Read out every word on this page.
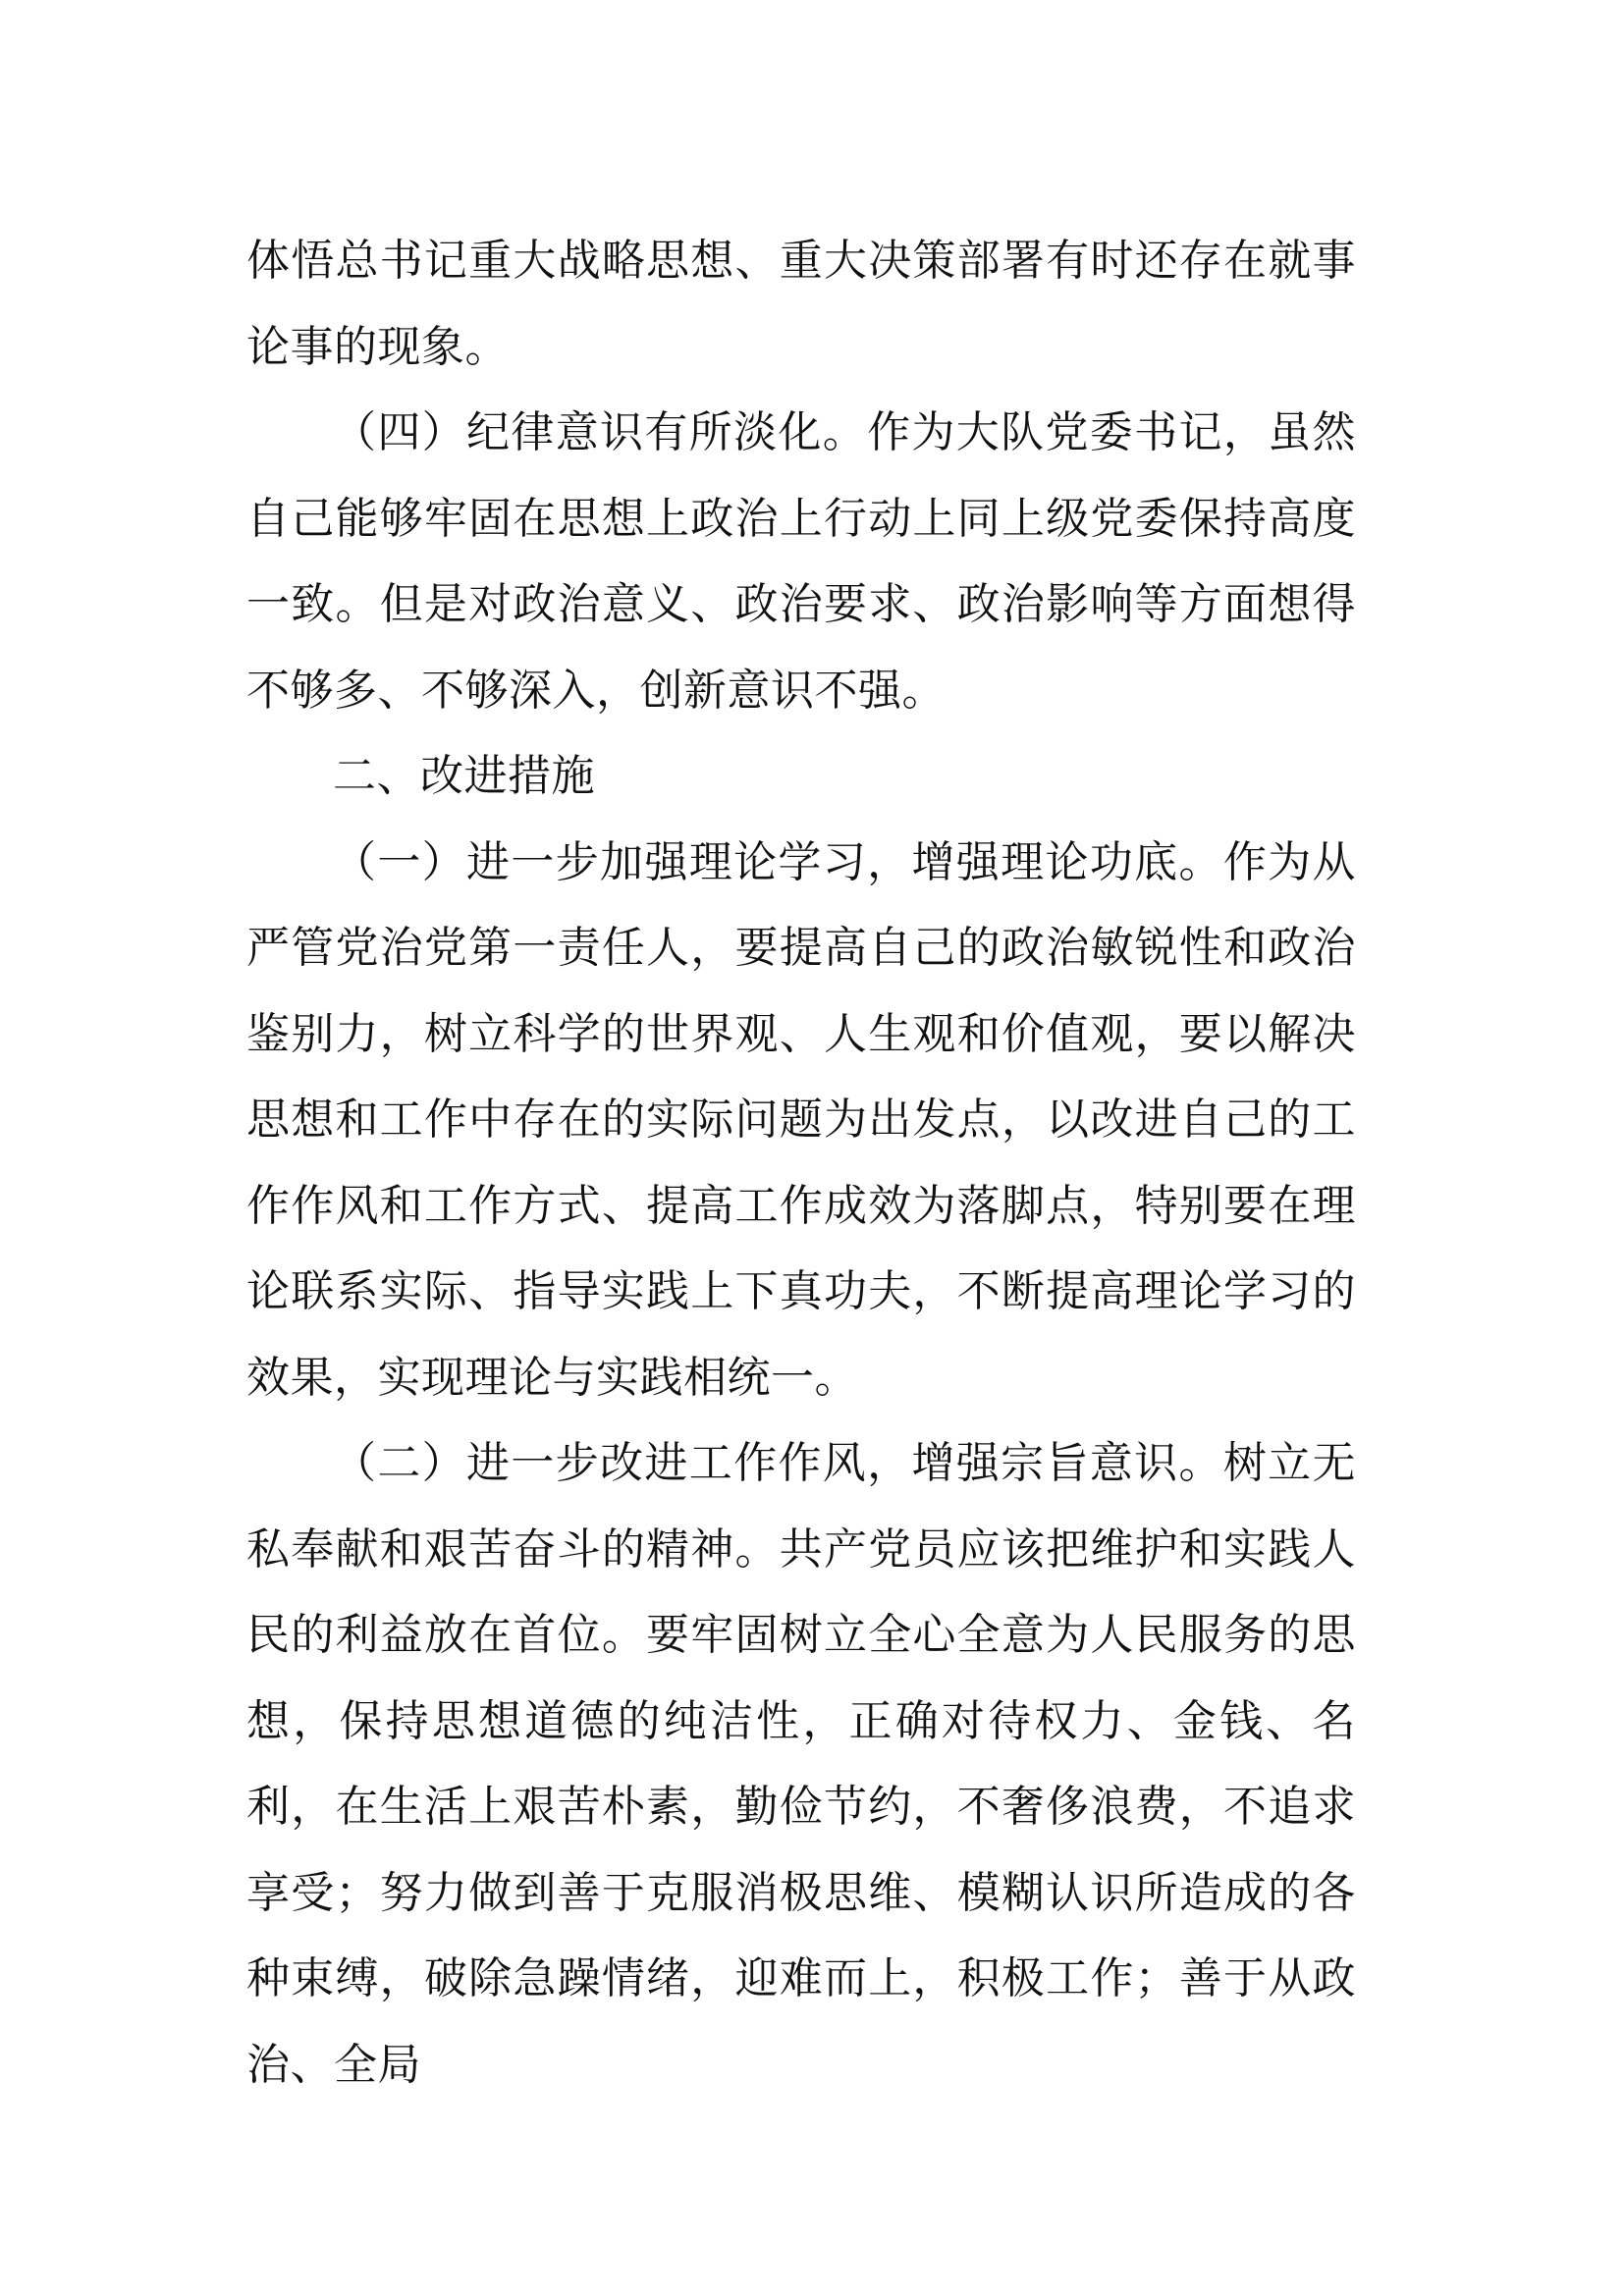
体悟总书记重大战略思想、重大决策部署有时还存在就事论事的现象。

（四）纪律意识有所淡化。作为大队党委书记，虽然自己能够牢固在思想上政治上行动上同上级党委保持高度一致。但是对政治意义、政治要求、政治影响等方面想得不够多、不够深入，创新意识不强。

二、改进措施

（一）进一步加强理论学习，增强理论功底。作为从严管党治党第一责任人，要提高自己的政治敏锐性和政治鉴别力，树立科学的世界观、人生观和价值观，要以解决思想和工作中存在的实际问题为出发点，以改进自己的工作作风和工作方式、提高工作成效为落脚点，特别要在理论联系实际、指导实践上下真功夫，不断提高理论学习的效果，实现理论与实践相统一。

（二）进一步改进工作作风，增强宗旨意识。树立无私奉献和艰苦奋斗的精神。共产党员应该把维护和实践人民的利益放在首位。要牢固树立全心全意为人民服务的思想，保持思想道德的纯洁性，正确对待权力、金钱、名利，在生活上艰苦朴素，勤俭节约，不奢侈浪费，不追求享受；努力做到善于克服消极思维、模糊认识所造成的各种束缚，破除急躁情绪，迎难而上，积极工作；善于从政治、全局
